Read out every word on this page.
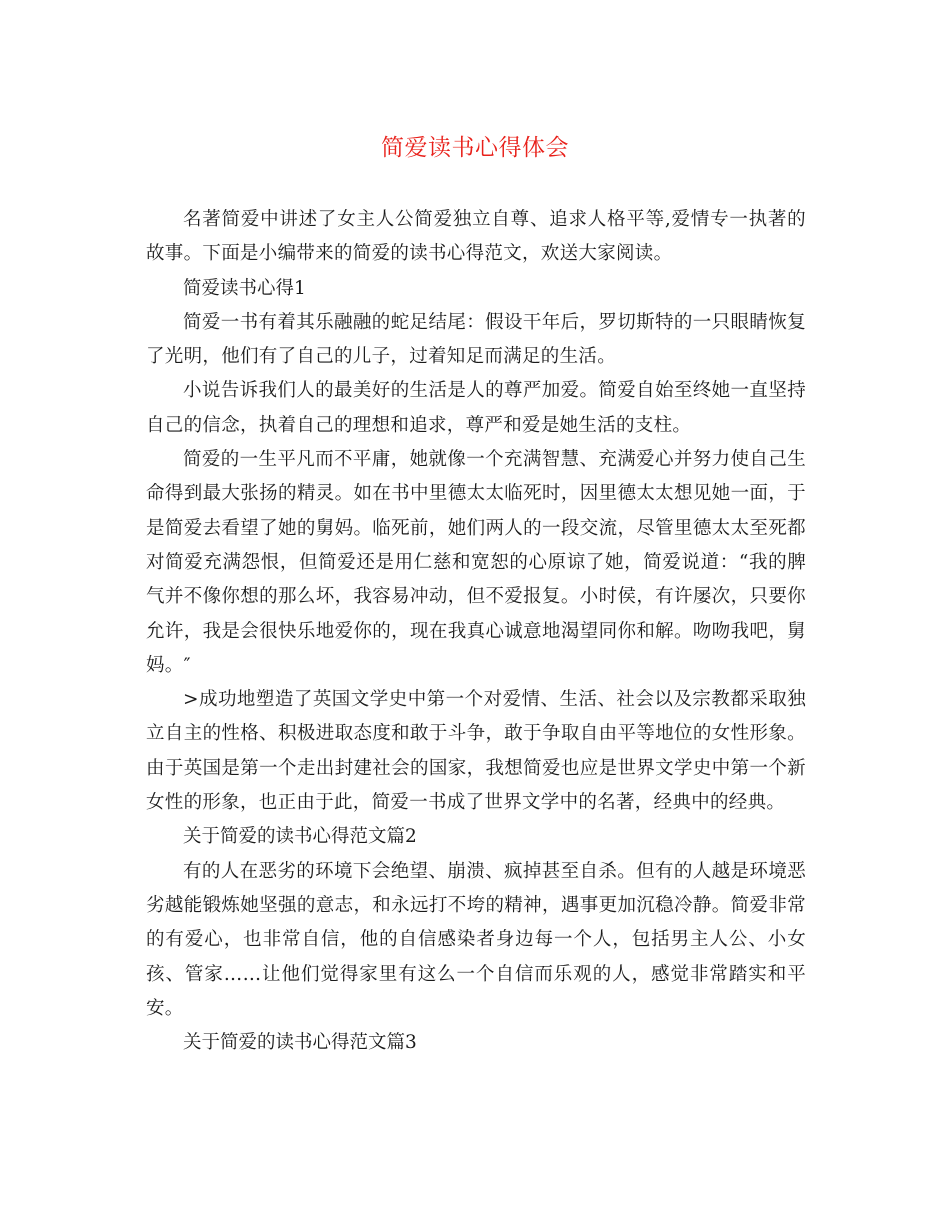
简爱读书心得体会

名著简爱中讲述了女主人公简爱独立自尊、追求人格平等,爱情专一执著的故事。下面是小编带来的简爱的读书心得范文，欢送大家阅读。

简爱读书心得1

简爱一书有着其乐融融的蛇足结尾：假设干年后，罗切斯特的一只眼睛恢复了光明，他们有了自己的儿子，过着知足而满足的生活。

小说告诉我们人的最美好的生活是人的尊严加爱。简爱自始至终她一直坚持自己的信念，执着自己的理想和追求，尊严和爱是她生活的支柱。

简爱的一生平凡而不平庸，她就像一个充满智慧、充满爱心并努力使自己生命得到最大张扬的精灵。如在书中里德太太临死时，因里德太太想见她一面，于是简爱去看望了她的舅妈。临死前，她们两人的一段交流，尽管里德太太至死都对简爱充满怨恨，但简爱还是用仁慈和宽恕的心原谅了她，简爱说道：“我的脾气并不像你想的那么坏，我容易冲动，但不爱报复。小时侯，有许屡次，只要你允许，我是会很快乐地爱你的，现在我真心诚意地渴望同你和解。吻吻我吧，舅妈。″

>成功地塑造了英国文学史中第一个对爱情、生活、社会以及宗教都采取独立自主的性格、积极进取态度和敢于斗争，敢于争取自由平等地位的女性形象。由于英国是第一个走出封建社会的国家，我想简爱也应是世界文学史中第一个新女性的形象，也正由于此，简爱一书成了世界文学中的名著，经典中的经典。

关于简爱的读书心得范文篇2

有的人在恶劣的环境下会绝望、崩溃、疯掉甚至自杀。但有的人越是环境恶劣越能锻炼她坚强的意志，和永远打不垮的精神，遇事更加沉稳冷静。简爱非常的有爱心，也非常自信，他的自信感染者身边每一个人，包括男主人公、小女孩、管家……让他们觉得家里有这么一个自信而乐观的人，感觉非常踏实和平安。

关于简爱的读书心得范文篇3
